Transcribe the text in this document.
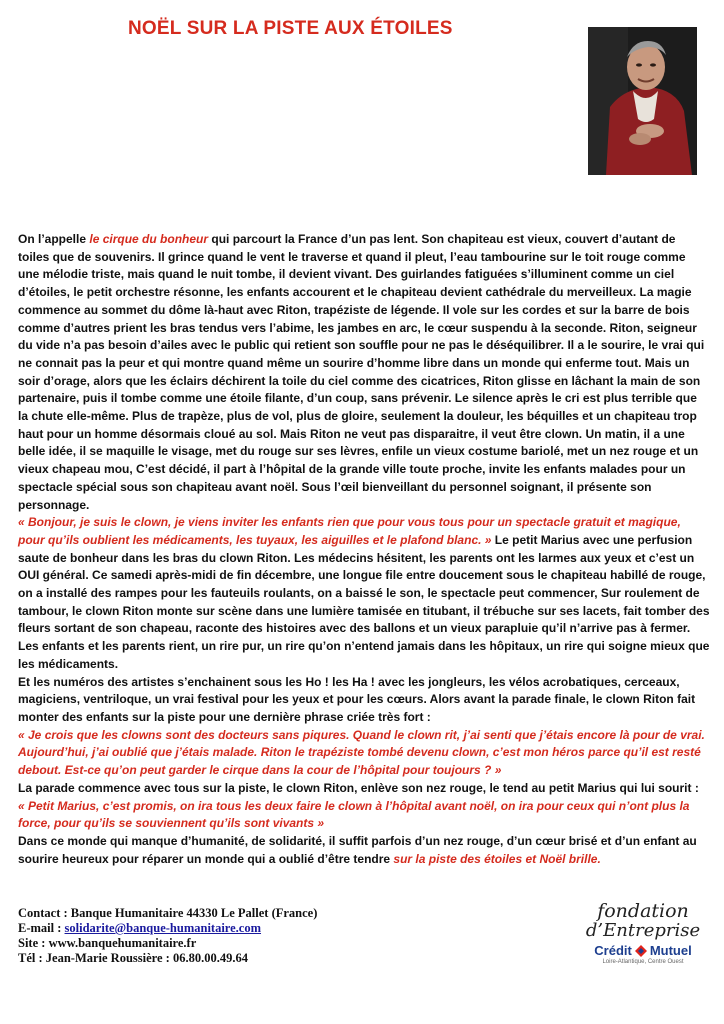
NOËL SUR LA PISTE AUX ÉTOILES
On l’appelle le cirque du bonheur qui parcourt la France d’un pas lent. Son chapiteau est vieux, couvert d’autant de toiles que de souvenirs. Il grince quand le vent le traverse et quand il pleut, l’eau tambourine sur le toit rouge comme une mélodie triste, mais quand le nuit tombe, il devient vivant. Des guirlandes fatiguées s’illuminent comme un ciel d’étoiles, le petit orchestre résonne, les enfants accourent et le chapiteau devient cathédrale du merveilleux. La magie commence au sommet du dôme là-haut avec Riton, trapéziste de légende. Il vole sur les cordes et sur la barre de bois comme d’autres prient les bras tendus vers l’abime, les jambes en arc, le cœur suspendu à la seconde. Riton, seigneur du vide n’a pas besoin d’ailes avec le public qui retient son souffle pour ne pas le déséquilibrer. Il a le sourire, le vrai qui ne connait pas la peur et qui montre quand même un sourire d’homme libre dans un monde qui enferme tout. Mais un soir d’orage, alors que les éclairs déchirent la toile du ciel comme des cicatrices, Riton glisse en lâchant la main de son partenaire, puis il tombe comme une étoile filante, d’un coup, sans prévenir. Le silence après le cri est plus terrible que la chute elle-même. Plus de trapèze, plus de vol, plus de gloire, seulement la douleur, les béquilles et un chapiteau trop haut pour un homme désormais cloué au sol. Mais Riton ne veut pas disparaitre, il veut être clown. Un matin, il a une belle idée, il se maquille le visage, met du rouge sur ses lèvres, enfile un vieux costume bariolé, met un nez rouge et un vieux chapeau mou, C’est décidé, il part à l’hôpital de la grande ville toute proche, invite les enfants malades pour un spectacle spécial sous son chapiteau avant noël. Sous l’œil bienveillant du personnel soignant, il présente son personnage.
« Bonjour, je suis le clown, je viens inviter les enfants rien que pour vous tous pour un spectacle gratuit et magique, pour qu’ils oublient les médicaments, les tuyaux, les aiguilles et le plafond blanc. » Le petit Marius avec une perfusion saute de bonheur dans les bras du clown Riton. Les médecins hésitent, les parents ont les larmes aux yeux et c’est un OUI général. Ce samedi après-midi de fin décembre, une longue file entre doucement sous le chapiteau habillé de rouge, on a installé des rampes pour les fauteuils roulants, on a baissé le son, le spectacle peut commencer, Sur roulement de tambour, le clown Riton monte sur scène dans une lumière tamisée en titubant, il trébuche sur ses lacets, fait tomber des fleurs sortant de son chapeau, raconte des histoires avec des ballons et un vieux parapluie qu’il n’arrive pas à fermer. Les enfants et les parents rient, un rire pur, un rire qu’on n’entend jamais dans les hôpitaux, un rire qui soigne mieux que les médicaments.
Et les numéros des artistes s’enchainent sous les Ho ! les Ha ! avec les jongleurs, les vélos acrobatiques, cerceaux, magiciens, ventriloque, un vrai festival pour les yeux et pour les cœurs. Alors avant la parade finale, le clown Riton fait monter des enfants sur la piste pour une dernière phrase criée très fort :
« Je crois que les clowns sont des docteurs sans piqures. Quand le clown rit, j’ai senti que j’étais encore là pour de vrai. Aujourd’hui, j’ai oublié que j’étais malade. Riton le trapéziste tombé devenu clown, c’est mon héros parce qu’il est resté debout. Est-ce qu’on peut garder le cirque dans la cour de l’hôpital pour toujours ? »
La parade commence avec tous sur la piste, le clown Riton, enlève son nez rouge, le tend au petit Marius qui lui sourit :
« Petit Marius, c’est promis, on ira tous les deux faire le clown à l’hôpital avant noël, on ira pour ceux qui n’ont plus la force, pour qu’ils se souviennent qu’ils sont vivants »
Dans ce monde qui manque d’humanité, de solidarité, il suffit parfois d’un nez rouge, d’un cœur brisé et d’un enfant au sourire heureux pour réparer un monde qui a oublié d’être tendre sur la piste des étoiles et Noël brille.
Contact : Banque Humanitaire 44330 Le Pallet (France)
E-mail : solidarite@banque-humanitaire.com
Site : www.banquehumanitaire.fr
Tél : Jean-Marie Roussière : 06.80.00.49.64
fondation
d’Entreprise
Crédit Mutuel
Loire-Atlantique, Centre Ouest
